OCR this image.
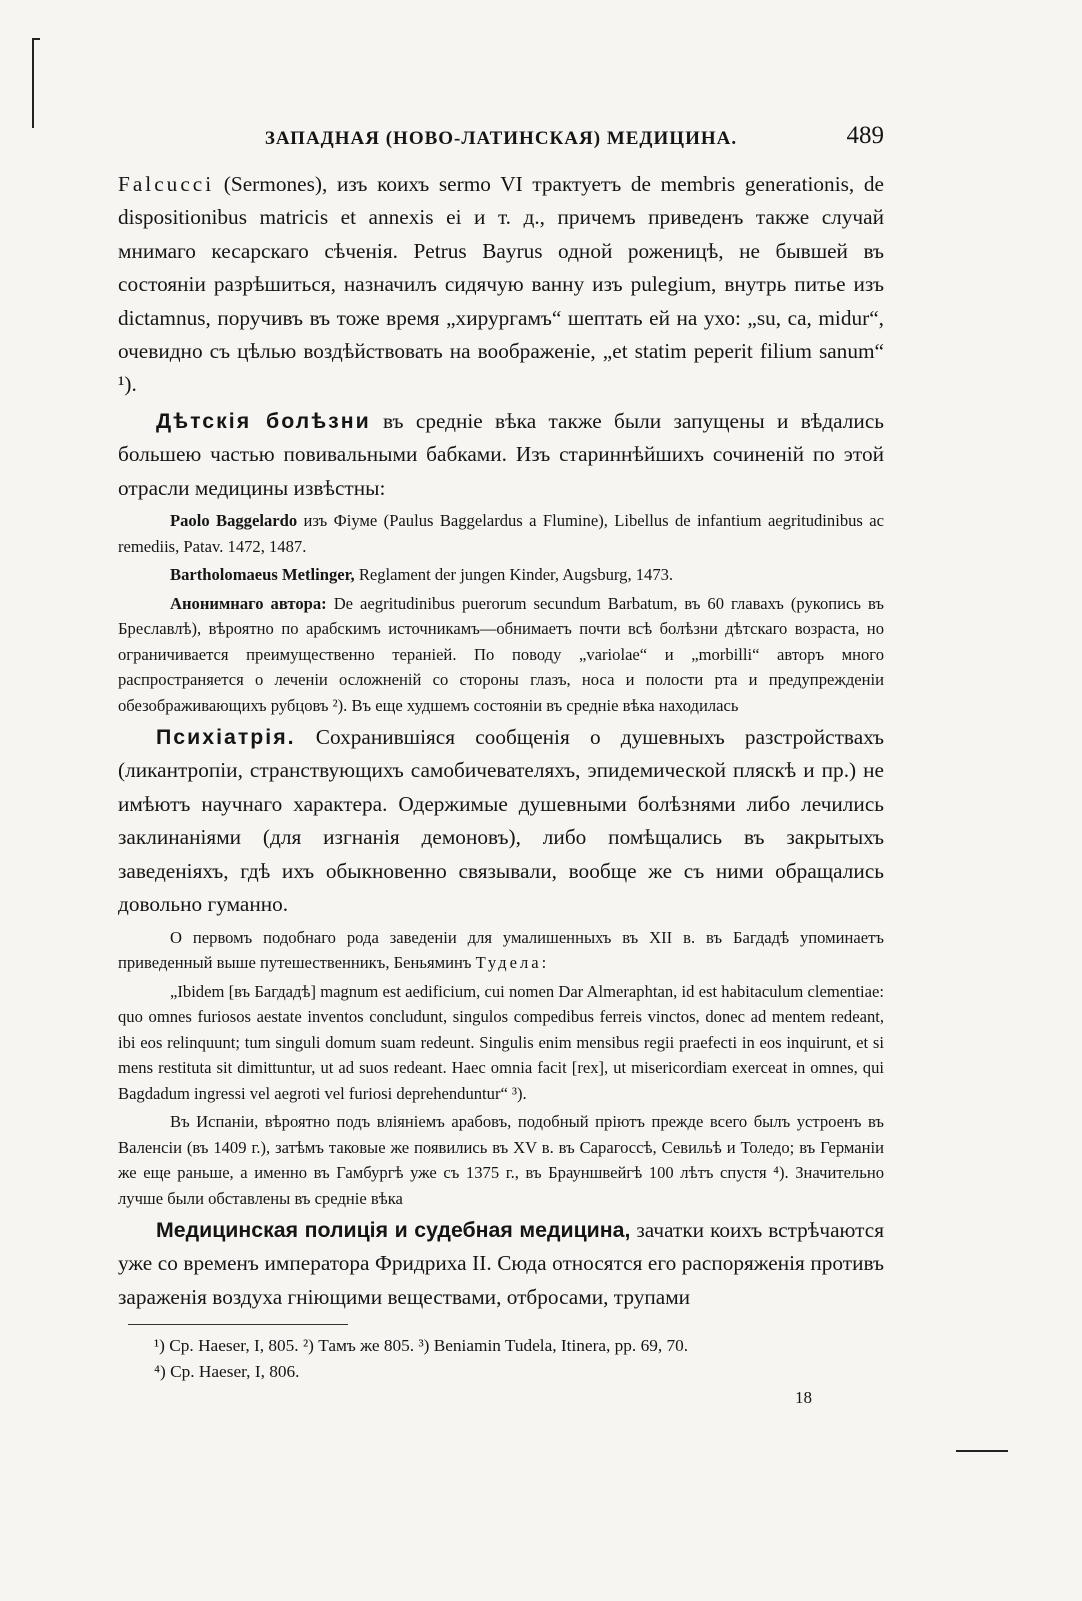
ЗАПАДНАЯ (НОВО-ЛАТИНСКАЯ) МЕДИЦИНА.	489

Falcucci (Sermones), изъ коихъ sermo VI трактуетъ de membris generationis, de dispositionibus matricis et annexis ei и т. д., причемъ приведенъ также случай мнимаго кесарскаго сѣченія. Petrus Bayrus одной роженицѣ, не бывшей въ состояніи разрѣшиться, назначилъ сидячую ванну изъ pulegium, внутрь питье изъ dictamnus, поручивъ въ тоже время „хирургамъ“ шептать ей на ухо: „su, ca, midur“, очевидно съ цѣлью воздѣйствовать на воображеніе, „et statim peperit filium sanum“ ¹).

Дѣтскія болѣзни въ средніе вѣка также были запущены и вѣдались большею частью повивальными бабками. Изъ стариннѣйшихъ сочиненій по этой отрасли медицины извѣстны:

Paolo Baggelardo изъ Фіуме (Paulus Baggelardus a Flumine), Libellus de infantium aegritudinibus ac remediis, Patav. 1472, 1487.

Bartholomaeus Metlinger, Reglament der jungen Kinder, Augsburg, 1473.

Анонимнаго автора: De aegritudinibus puerorum secundum Barbatum, въ 60 главахъ (рукопись въ Бреславлѣ), вѣроятно по арабскимъ источникамъ—обнимаетъ почти всѣ болѣзни дѣтскаго возраста, но ограничивается преимущественно тераніей. По поводу „variolae“ и „morbilli“ авторъ много распространяется о леченіи осложненій со стороны глазъ, носа и полости рта и предупрежденіи обезображивающихъ рубцовъ ²). Въ еще худшемъ состояніи въ средніе вѣка находилась

Психіатрія. Сохранившіяся сообщенія о душевныхъ разстройствахъ (ликантропіи, странствующихъ самобичевателяхъ, эпидемической пляскѣ и пр.) не имѣютъ научнаго характера. Одержимые душевными болѣзнями либо лечились заклинаніями (для изгнанія демоновъ), либо помѣщались въ закрытыхъ заведеніяхъ, гдѣ ихъ обыкновенно связывали, вообще же съ ними обращались довольно гуманно.

О первомъ подобнаго рода заведеніи для умалишенныхъ въ XII в. въ Багдадѣ упоминаетъ приведенный выше путешественникъ, Беньяминъ Тудела:

„Ibidem [въ Багдадѣ] magnum est aedificium, cui nomen Dar Almeraphtan, id est habitaculum clementiae: quo omnes furiosos aestate inventos concludunt, singulos compedibus ferreis vinctos, donec ad mentem redeant, ibi eos relinquunt; tum singuli domum suam redeunt. Singulis enim mensibus regii praefecti in eos inquirunt, et si mens restituta sit dimittuntur, ut ad suos redeant. Haec omnia facit [rex], ut misericordiam exerceat in omnes, qui Bagdadum ingressi vel aegroti vel furiosi deprehenduntur“ ³).

Въ Испаніи, вѣроятно подъ вліяніемъ арабовъ, подобный пріютъ прежде всего былъ устроенъ въ Валенсіи (въ 1409 г.), затѣмъ таковые же появились въ XV в. въ Сарагоссѣ, Севильѣ и Толедо; въ Германіи же еще раньше, а именно въ Гамбургѣ уже съ 1375 г., въ Брауншвейгѣ 100 лѣтъ спустя ⁴). Значительно лучше были обставлены въ средніе вѣка

Медицинская полиція и судебная медицина, зачатки коихъ встрѣчаются уже со временъ императора Фридриха II. Сюда относятся его распоряженія противъ зараженія воздуха гніющими веществами, отбросами, трупами

¹) Cp. Haeser, I, 805. ²) Тамъ же 805. ³) Beniamin Tudela, Itinera, pp. 69, 70.

⁴) Cp. Haeser, I, 806.

18
